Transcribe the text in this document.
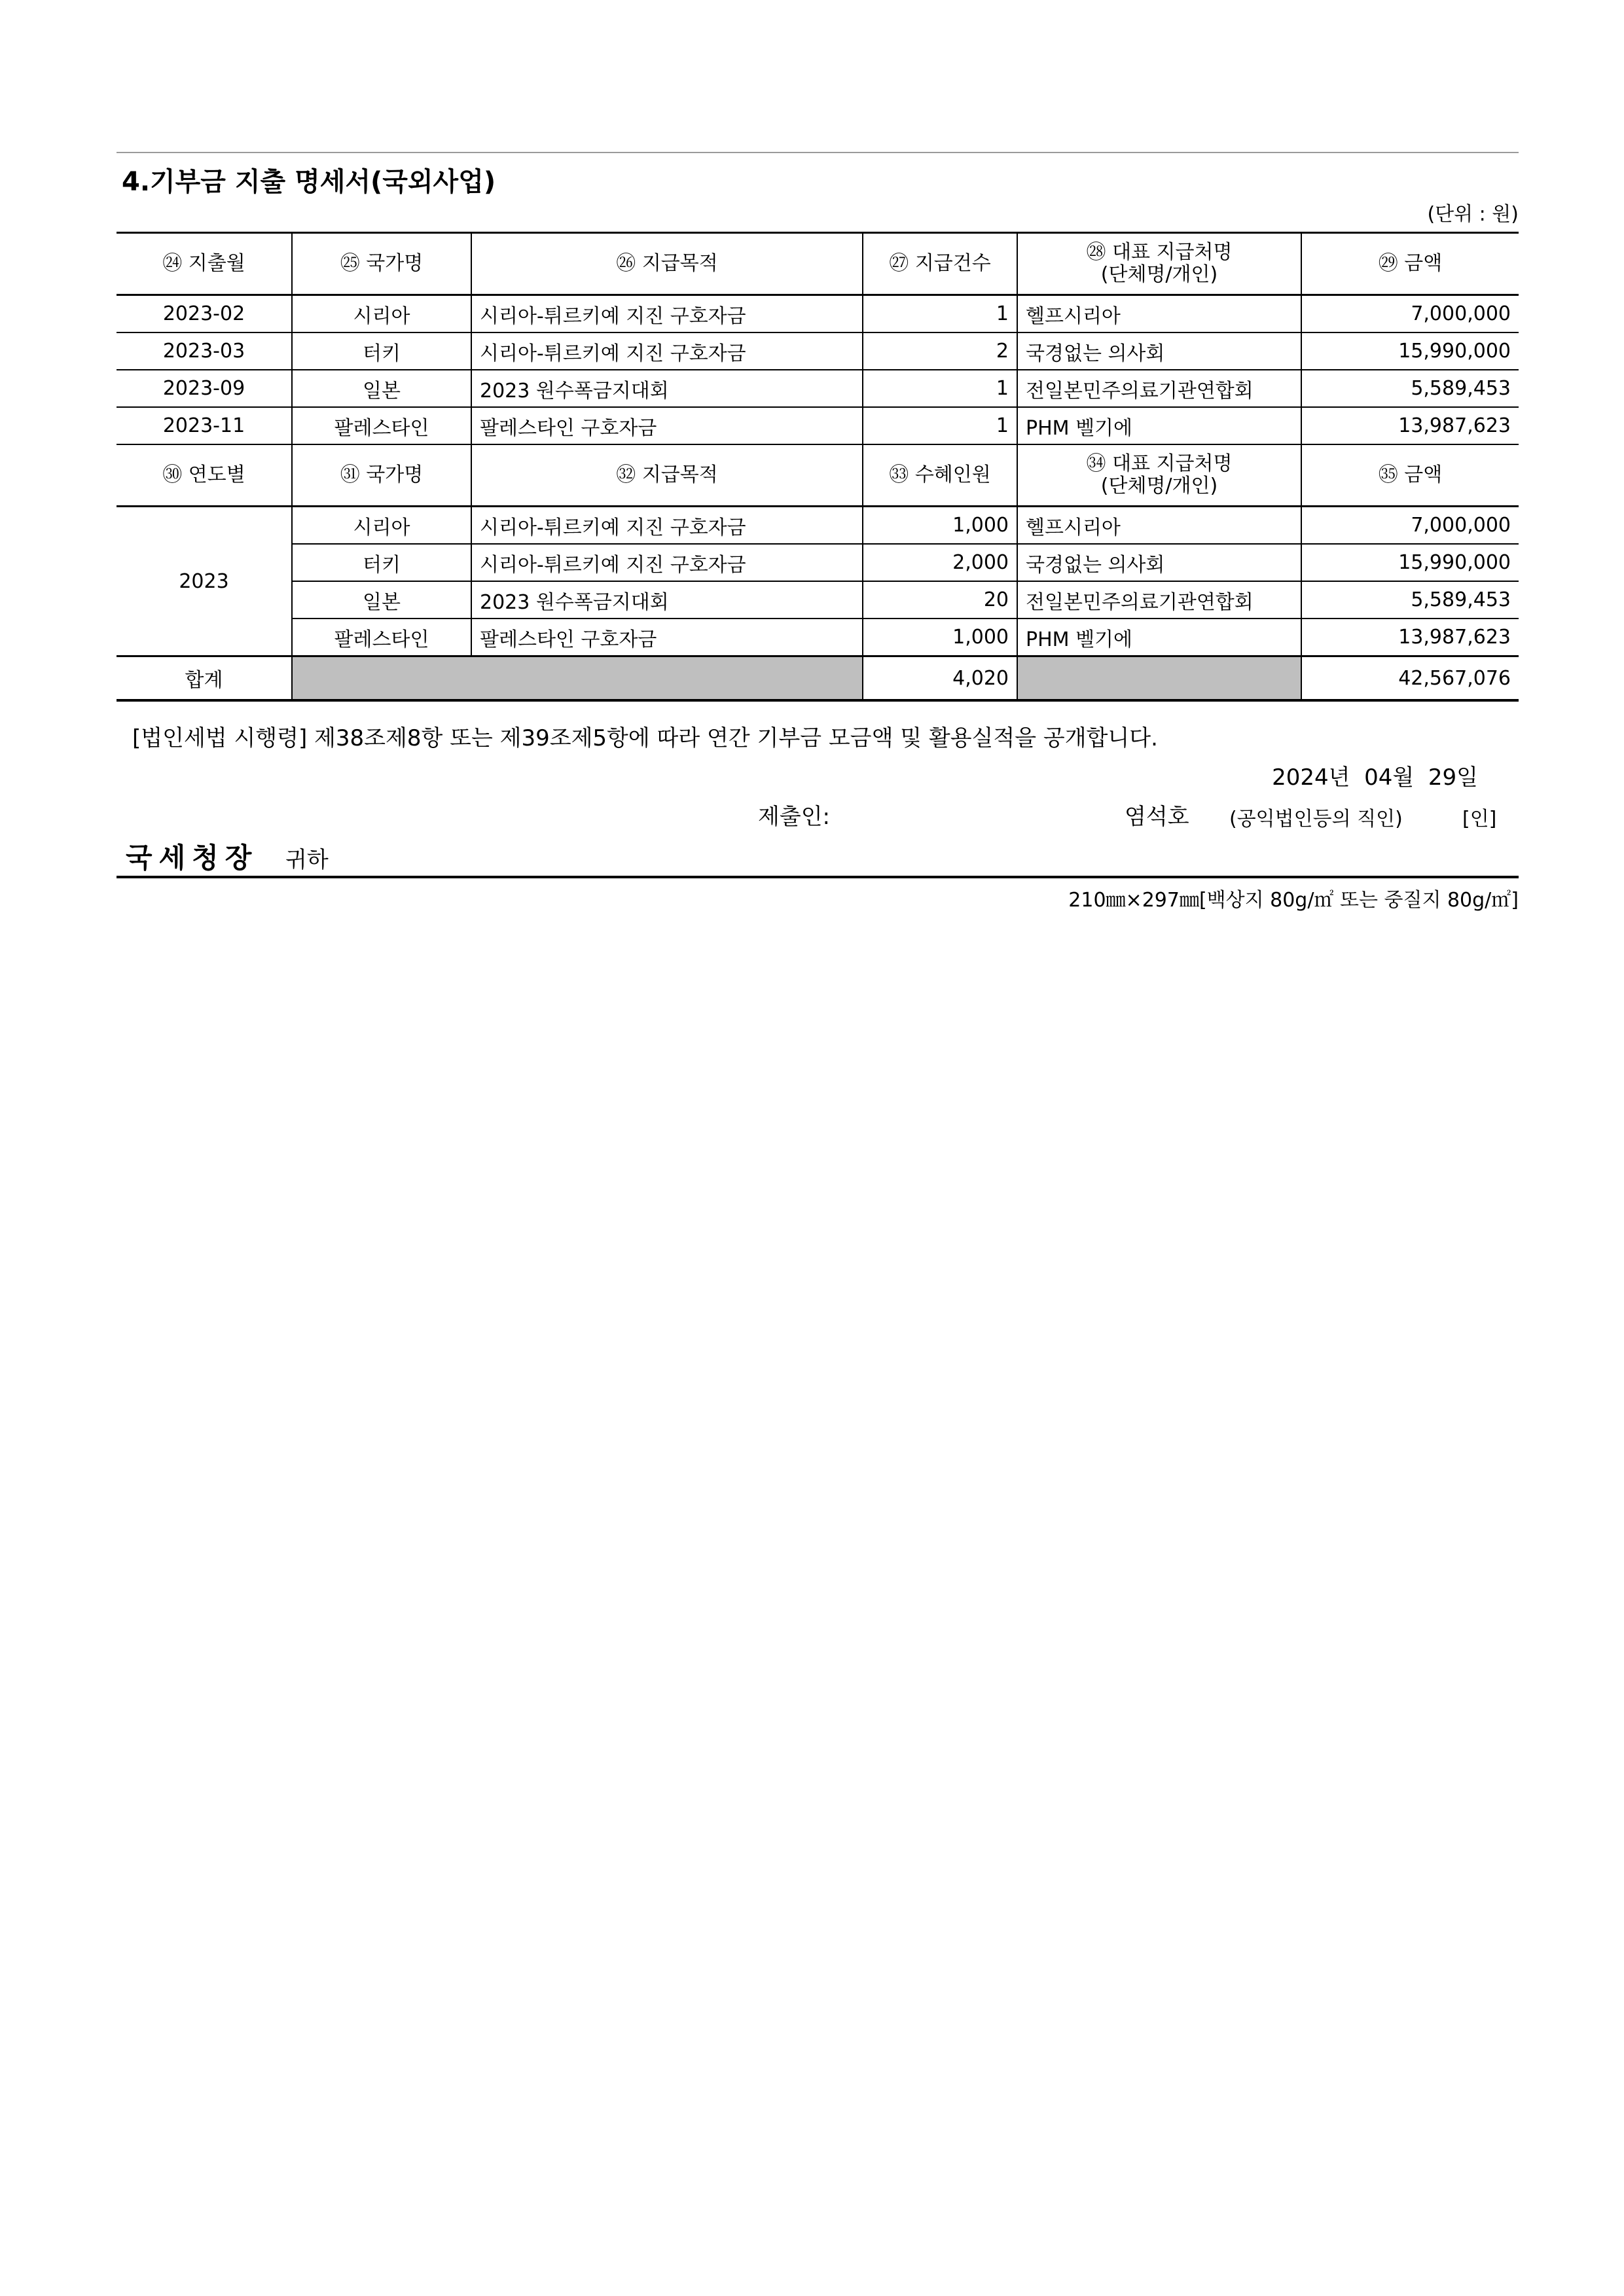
4.기부금 지출 명세서(국외사업)
(단위 : 원)
㉔ 지출월	㉕ 국가명	㉖ 지급목적	㉗ 지급건수	㉘ 대표 지급처명
(단체명/개인)	㉙ 금액
2023-02	시리아	시리아-튀르키예 지진 구호자금	1	헬프시리아	7,000,000
2023-03	터키	시리아-튀르키예 지진 구호자금	2	국경없는 의사회	15,990,000
2023-09	일본	2023 원수폭금지대회	1	전일본민주의료기관연합회	5,589,453
2023-11	팔레스타인	팔레스타인 구호자금	1	PHM 벨기에	13,987,623
㉚ 연도별	㉛ 국가명	㉜ 지급목적	㉝ 수혜인원	㉞ 대표 지급처명
(단체명/개인)	㉟ 금액
2023	시리아	시리아-튀르키예 지진 구호자금	1,000	헬프시리아	7,000,000
	터키	시리아-튀르키예 지진 구호자금	2,000	국경없는 의사회	15,990,000
	일본	2023 원수폭금지대회	20	전일본민주의료기관연합회	5,589,453
	팔레스타인	팔레스타인 구호자금	1,000	PHM 벨기에	13,987,623
합계			4,020		42,567,076
[법인세법 시행령] 제38조제8항 또는 제39조제5항에 따라 연간 기부금 모금액 및 활용실적을 공개합니다.
2024년 04월 29일
제출인:	염석호 (공익법인등의 직인)	[인]
국세청장 귀하
210㎜×297㎜[백상지 80g/㎡ 또는 중질지 80g/㎡]
